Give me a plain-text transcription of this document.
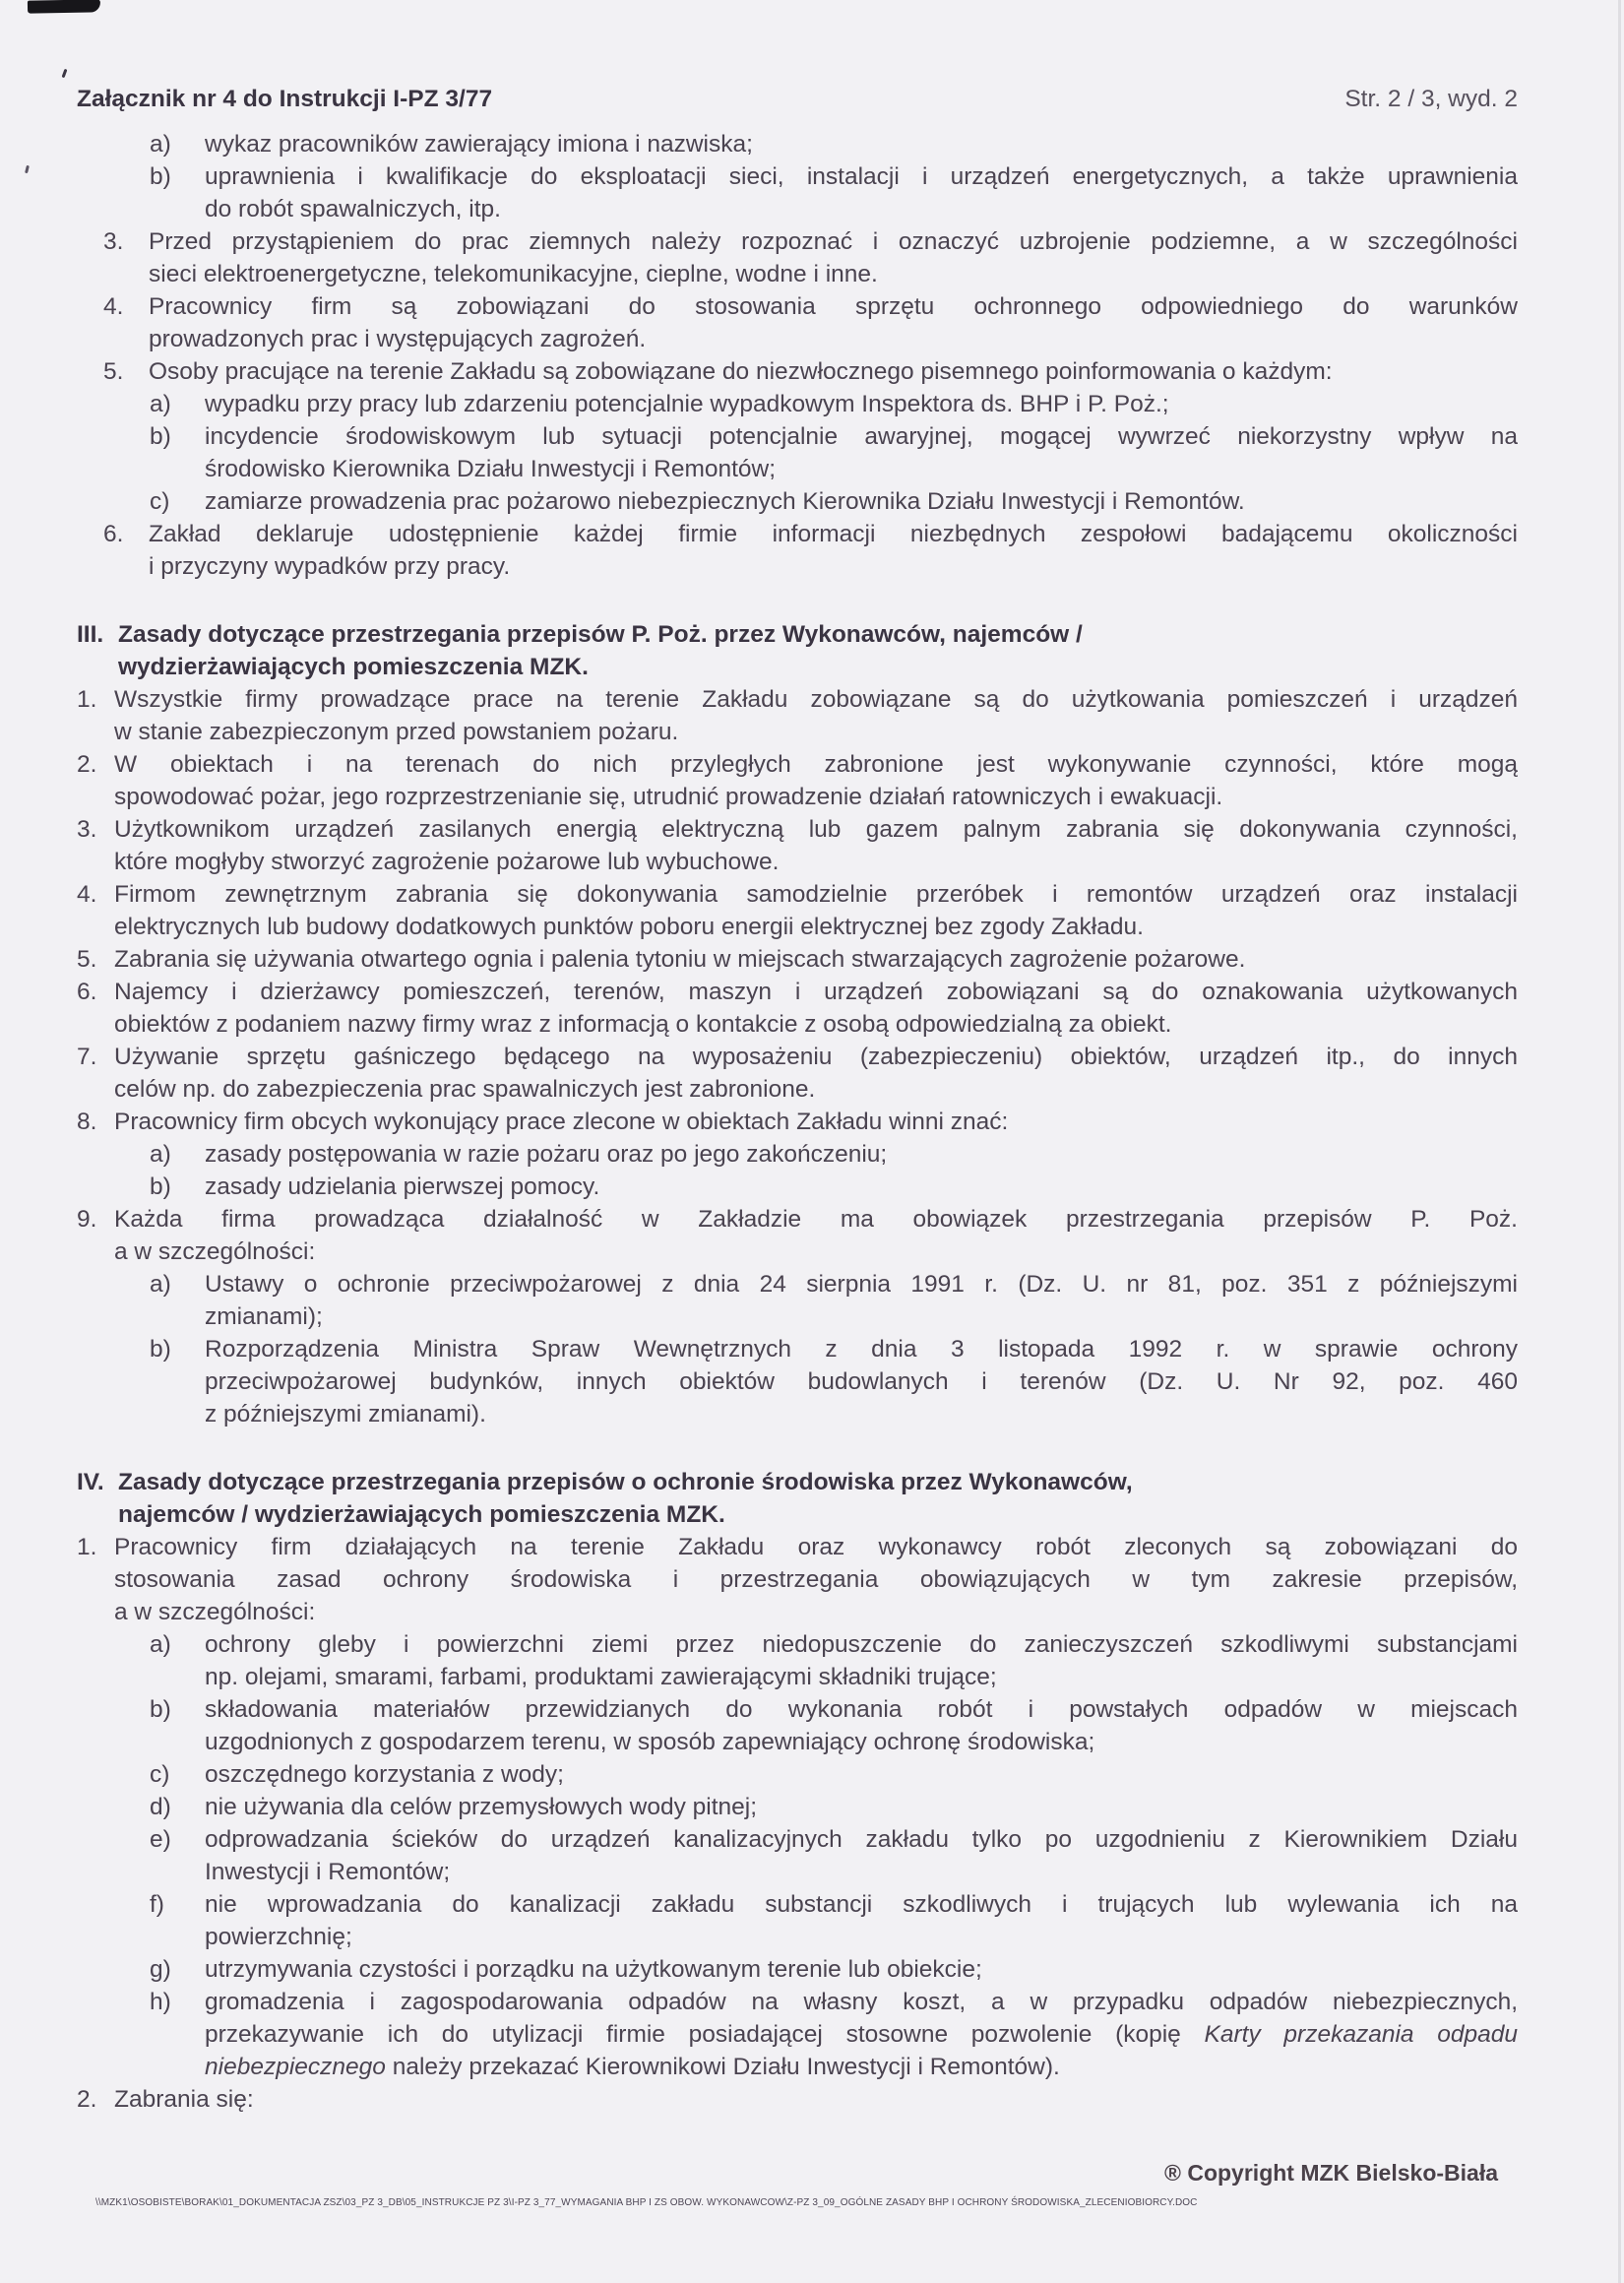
Załącznik nr 4 do Instrukcji I-PZ 3/77	Str. 2 / 3, wyd. 2
a)	wykaz pracowników zawierający imiona i nazwiska;
b)	uprawnienia i kwalifikacje do eksploatacji sieci, instalacji i urządzeń energetycznych, a także uprawnienia
do robót spawalniczych, itp.
3.	Przed przystąpieniem do prac ziemnych należy rozpoznać i oznaczyć uzbrojenie podziemne, a w szczególności
sieci elektroenergetyczne, telekomunikacyjne, cieplne, wodne i inne.
4.	Pracownicy firm są zobowiązani do stosowania sprzętu ochronnego odpowiedniego do warunków
prowadzonych prac i występujących zagrożeń.
5.	Osoby pracujące na terenie Zakładu są zobowiązane do niezwłocznego pisemnego poinformowania o każdym:
a)	wypadku przy pracy lub zdarzeniu potencjalnie wypadkowym Inspektora ds. BHP i P. Poż.;
b)	incydencie środowiskowym lub sytuacji potencjalnie awaryjnej, mogącej wywrzeć niekorzystny wpływ na
środowisko Kierownika Działu Inwestycji i Remontów;
c)	zamiarze prowadzenia prac pożarowo niebezpiecznych Kierownika Działu Inwestycji i Remontów.
6.	Zakład deklaruje udostępnienie każdej firmie informacji niezbędnych zespołowi badającemu okoliczności
i przyczyny wypadków przy pracy.
III. Zasady dotyczące przestrzegania przepisów P. Poż. przez Wykonawców, najemców /
wydzierżawiających pomieszczenia MZK.
1. Wszystkie firmy prowadzące prace na terenie Zakładu zobowiązane są do użytkowania pomieszczeń i urządzeń
w stanie zabezpieczonym przed powstaniem pożaru.
2. W obiektach i na terenach do nich przyległych zabronione jest wykonywanie czynności, które mogą
spowodować pożar, jego rozprzestrzenianie się, utrudnić prowadzenie działań ratowniczych i ewakuacji.
3. Użytkownikom urządzeń zasilanych energią elektryczną lub gazem palnym zabrania się dokonywania czynności,
które mogłyby stworzyć zagrożenie pożarowe lub wybuchowe.
4. Firmom zewnętrznym zabrania się dokonywania samodzielnie przeróbek i remontów urządzeń oraz instalacji
elektrycznych lub budowy dodatkowych punktów poboru energii elektrycznej bez zgody Zakładu.
5. Zabrania się używania otwartego ognia i palenia tytoniu w miejscach stwarzających zagrożenie pożarowe.
6. Najemcy i dzierżawcy pomieszczeń, terenów, maszyn i urządzeń zobowiązani są do oznakowania użytkowanych
obiektów z podaniem nazwy firmy wraz z informacją o kontakcie z osobą odpowiedzialną za obiekt.
7. Używanie sprzętu gaśniczego będącego na wyposażeniu (zabezpieczeniu) obiektów, urządzeń itp., do innych
celów np. do zabezpieczenia prac spawalniczych jest zabronione.
8. Pracownicy firm obcych wykonujący prace zlecone w obiektach Zakładu winni znać:
a)	zasady postępowania w razie pożaru oraz po jego zakończeniu;
b)	zasady udzielania pierwszej pomocy.
9. Każda firma prowadząca działalność w Zakładzie ma obowiązek przestrzegania przepisów P. Poż.
a w szczególności:
a)	Ustawy o ochronie przeciwpożarowej z dnia 24 sierpnia 1991 r. (Dz. U. nr 81, poz. 351 z późniejszymi
zmianami);
b)	Rozporządzenia Ministra Spraw Wewnętrznych z dnia 3 listopada 1992 r. w sprawie ochrony
przeciwpożarowej budynków, innych obiektów budowlanych i terenów (Dz. U. Nr 92, poz. 460
z późniejszymi zmianami).
IV. Zasady dotyczące przestrzegania przepisów o ochronie środowiska przez Wykonawców,
najemców / wydzierżawiających pomieszczenia MZK.
1. Pracownicy firm działających na terenie Zakładu oraz wykonawcy robót zleconych są zobowiązani do
stosowania zasad ochrony środowiska i przestrzegania obowiązujących w tym zakresie przepisów,
a w szczególności:
a)	ochrony gleby i powierzchni ziemi przez niedopuszczenie do zanieczyszczeń szkodliwymi substancjami
np. olejami, smarami, farbami, produktami zawierającymi składniki trujące;
b)	składowania materiałów przewidzianych do wykonania robót i powstałych odpadów w miejscach
uzgodnionych z gospodarzem terenu, w sposób zapewniający ochronę środowiska;
c)	oszczędnego korzystania z wody;
d)	nie używania dla celów przemysłowych wody pitnej;
e)	odprowadzania ścieków do urządzeń kanalizacyjnych zakładu tylko po uzgodnieniu z Kierownikiem Działu
Inwestycji i Remontów;
f)	nie wprowadzania do kanalizacji zakładu substancji szkodliwych i trujących lub wylewania ich na
powierzchnię;
g)	utrzymywania czystości i porządku na użytkowanym terenie lub obiekcie;
h)	gromadzenia i zagospodarowania odpadów na własny koszt, a w przypadku odpadów niebezpiecznych,
przekazywanie ich do utylizacji firmie posiadającej stosowne pozwolenie (kopię Karty przekazania odpadu
niebezpiecznego należy przekazać Kierownikowi Działu Inwestycji i Remontów).
2. Zabrania się:
® Copyright MZK Bielsko-Biała
\\MZK1\OSOBISTE\BORAK\01_DOKUMENTACJA ZSZ\03_PZ 3_DB\05_INSTRUKCJE PZ 3\I-PZ 3_77_WYMAGANIA BHP I ZS OBOW. WYKONAWCOW\Z-PZ 3_09_OGÓLNE ZASADY BHP I OCHRONY ŚRODOWISKA_ZLECENIOBIORCY.DOC
